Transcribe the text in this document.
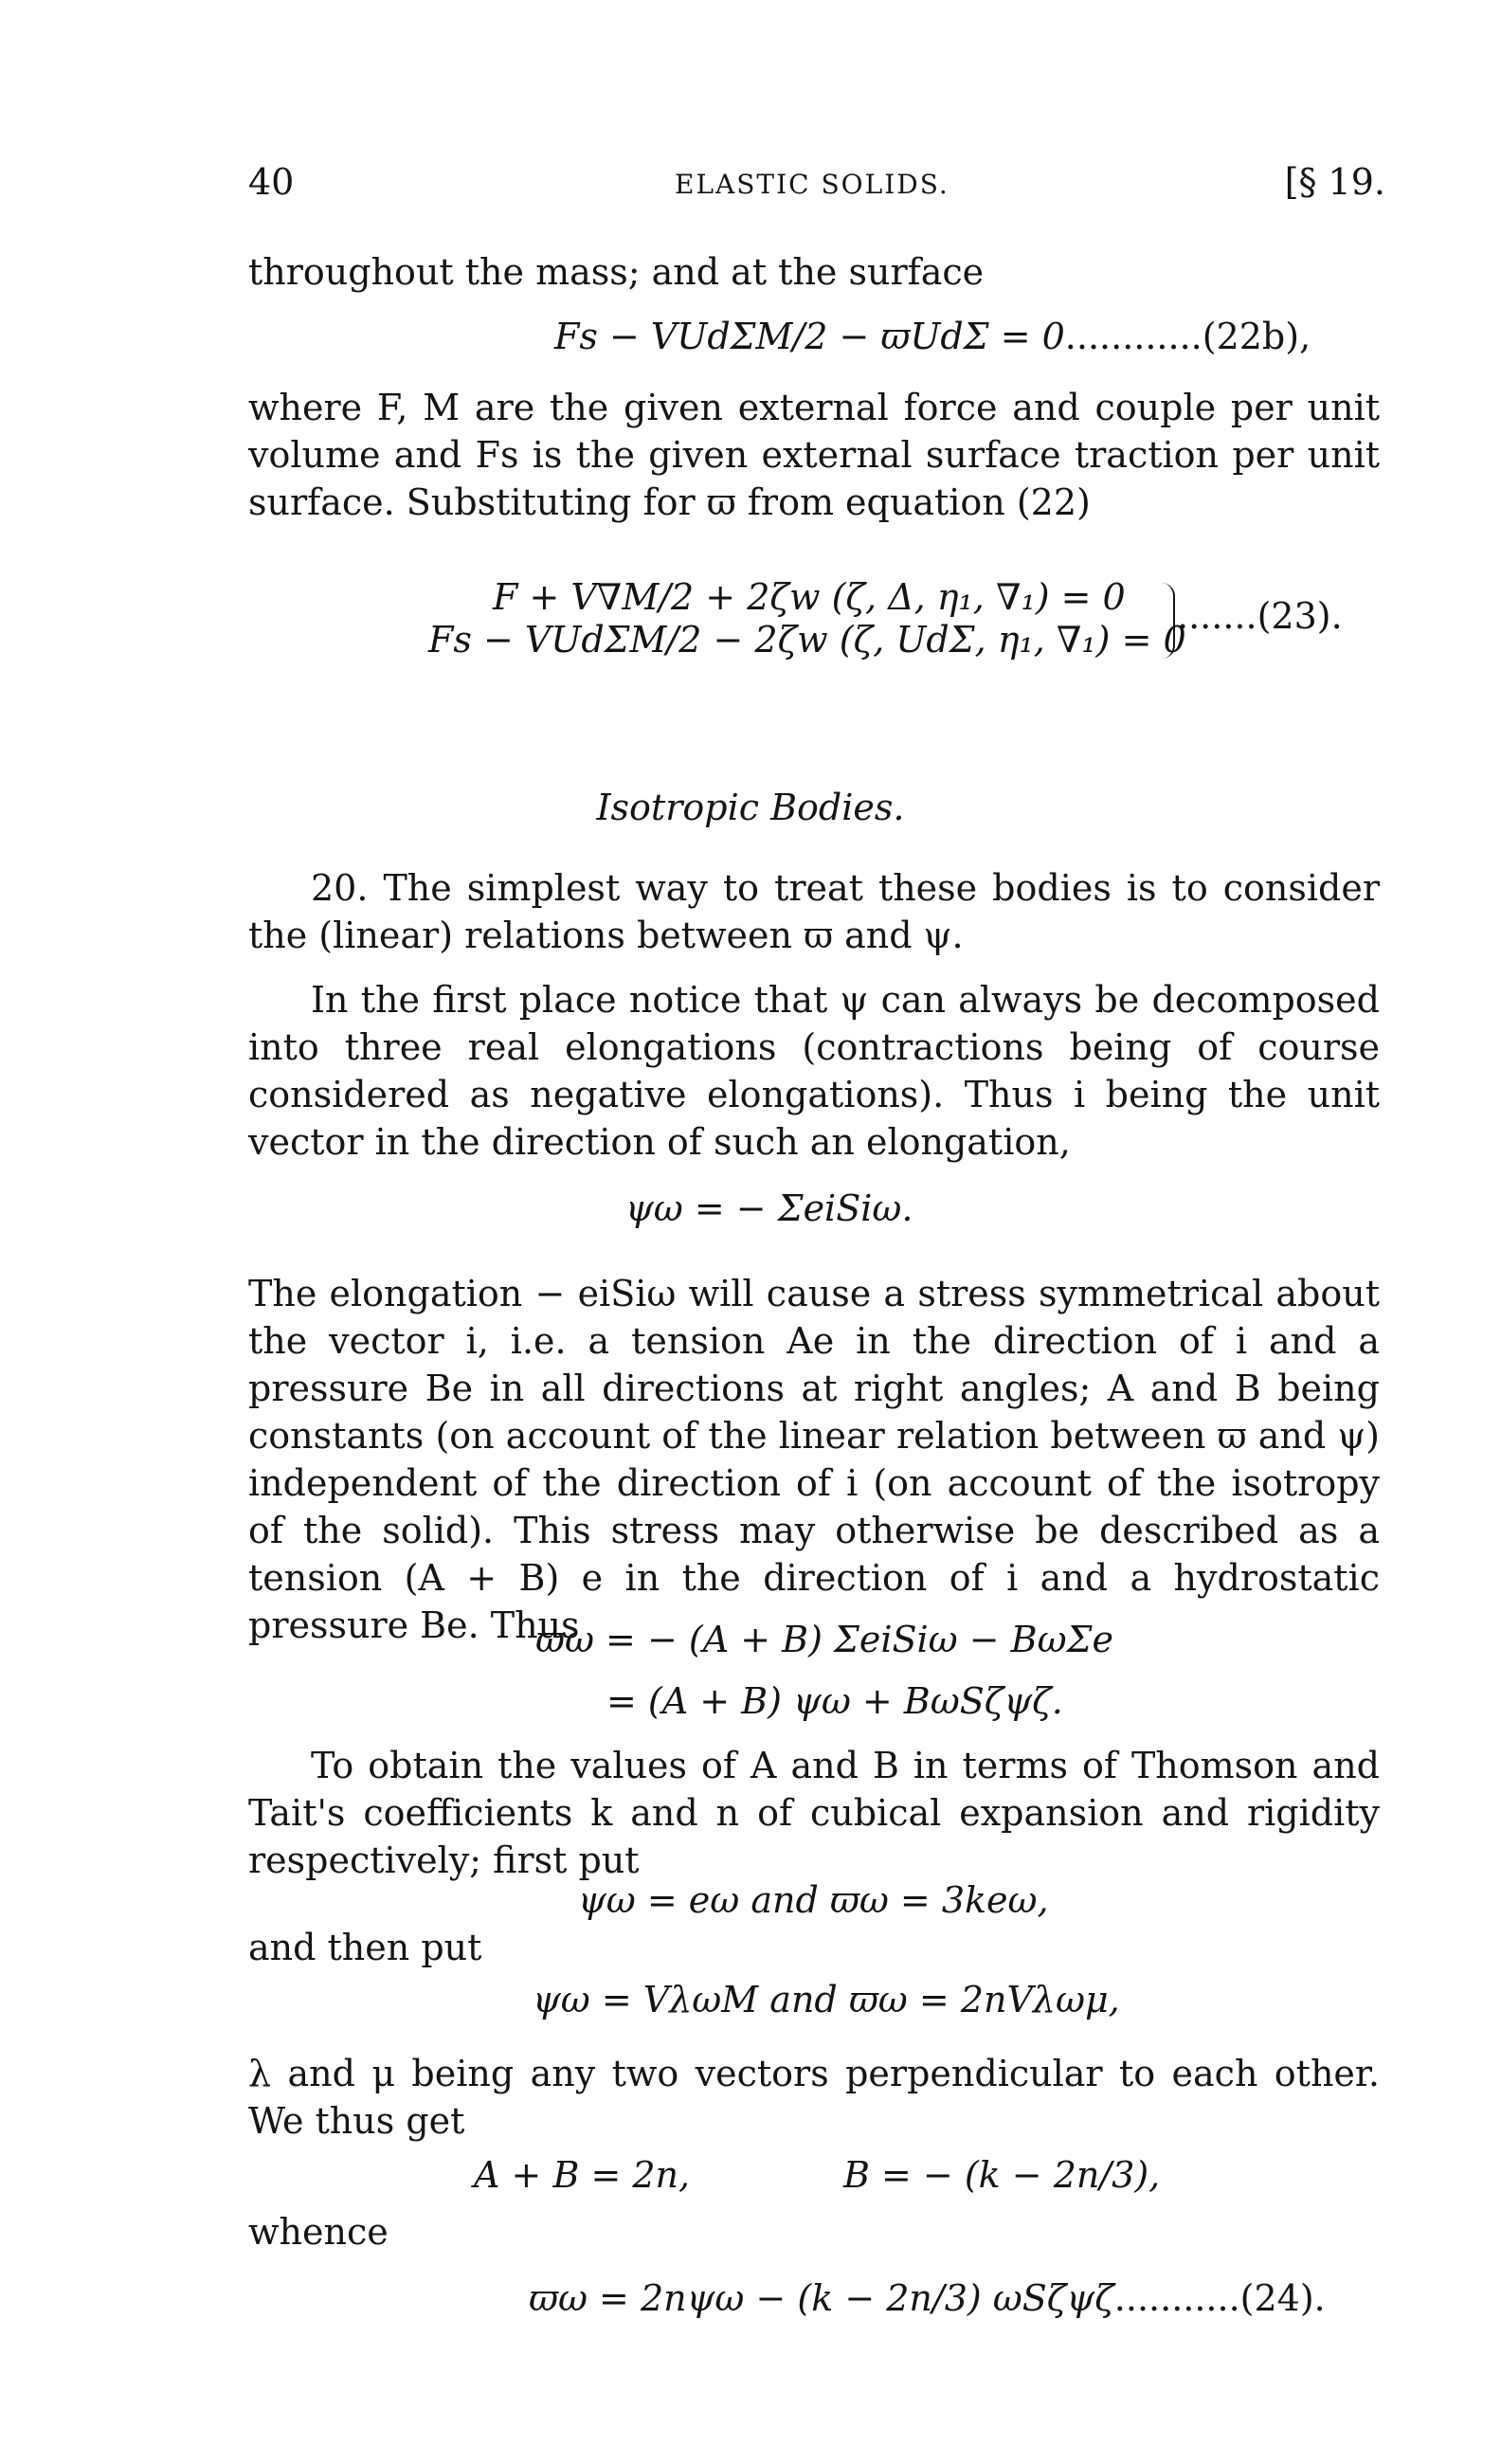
40	ELASTIC SOLIDS.	[§ 19.

throughout the mass; and at the surface

Fs − VUdΣM/2 − ϖUdΣ = 0............(22b),

where F, M are the given external force and couple per unit volume and Fs is the given external surface traction per unit surface. Substituting for ϖ from equation (22)

F + V∇M/2 + 2ζw (ζ, Δ, η₁, ∇₁) = 0
Fs − VUdΣM/2 − 2ζw (ζ, UdΣ, η₁, ∇₁) = 0
.......(23).
Isotropic Bodies.

20. The simplest way to treat these bodies is to consider the (linear) relations between ϖ and ψ.

In the first place notice that ψ can always be decomposed into three real elongations (contractions being of course considered as negative elongations). Thus i being the unit vector in the direction of such an elongation,

ψω = − ΣeiSiω.

The elongation − eiSiω will cause a stress symmetrical about the vector i, i.e. a tension Ae in the direction of i and a pressure Be in all directions at right angles; A and B being constants (on account of the linear relation between ϖ and ψ) independent of the direction of i (on account of the isotropy of the solid). This stress may otherwise be described as a tension (A + B) e in the direction of i and a hydrostatic pressure Be. Thus

ϖω = − (A + B) ΣeiSiω − BωΣe
= (A + B) ψω + BωSζψζ.

To obtain the values of A and B in terms of Thomson and Tait's coefficients k and n of cubical expansion and rigidity respectively; first put

ψω = eω and ϖω = 3keω,

and then put

ψω = VλωΜ and ϖω = 2nVλωμ,

λ and μ being any two vectors perpendicular to each other. We thus get

A + B = 2n,	B = − (k − 2n/3),

whence

ϖω = 2nψω − (k − 2n/3) ωSζψζ...........(24).
